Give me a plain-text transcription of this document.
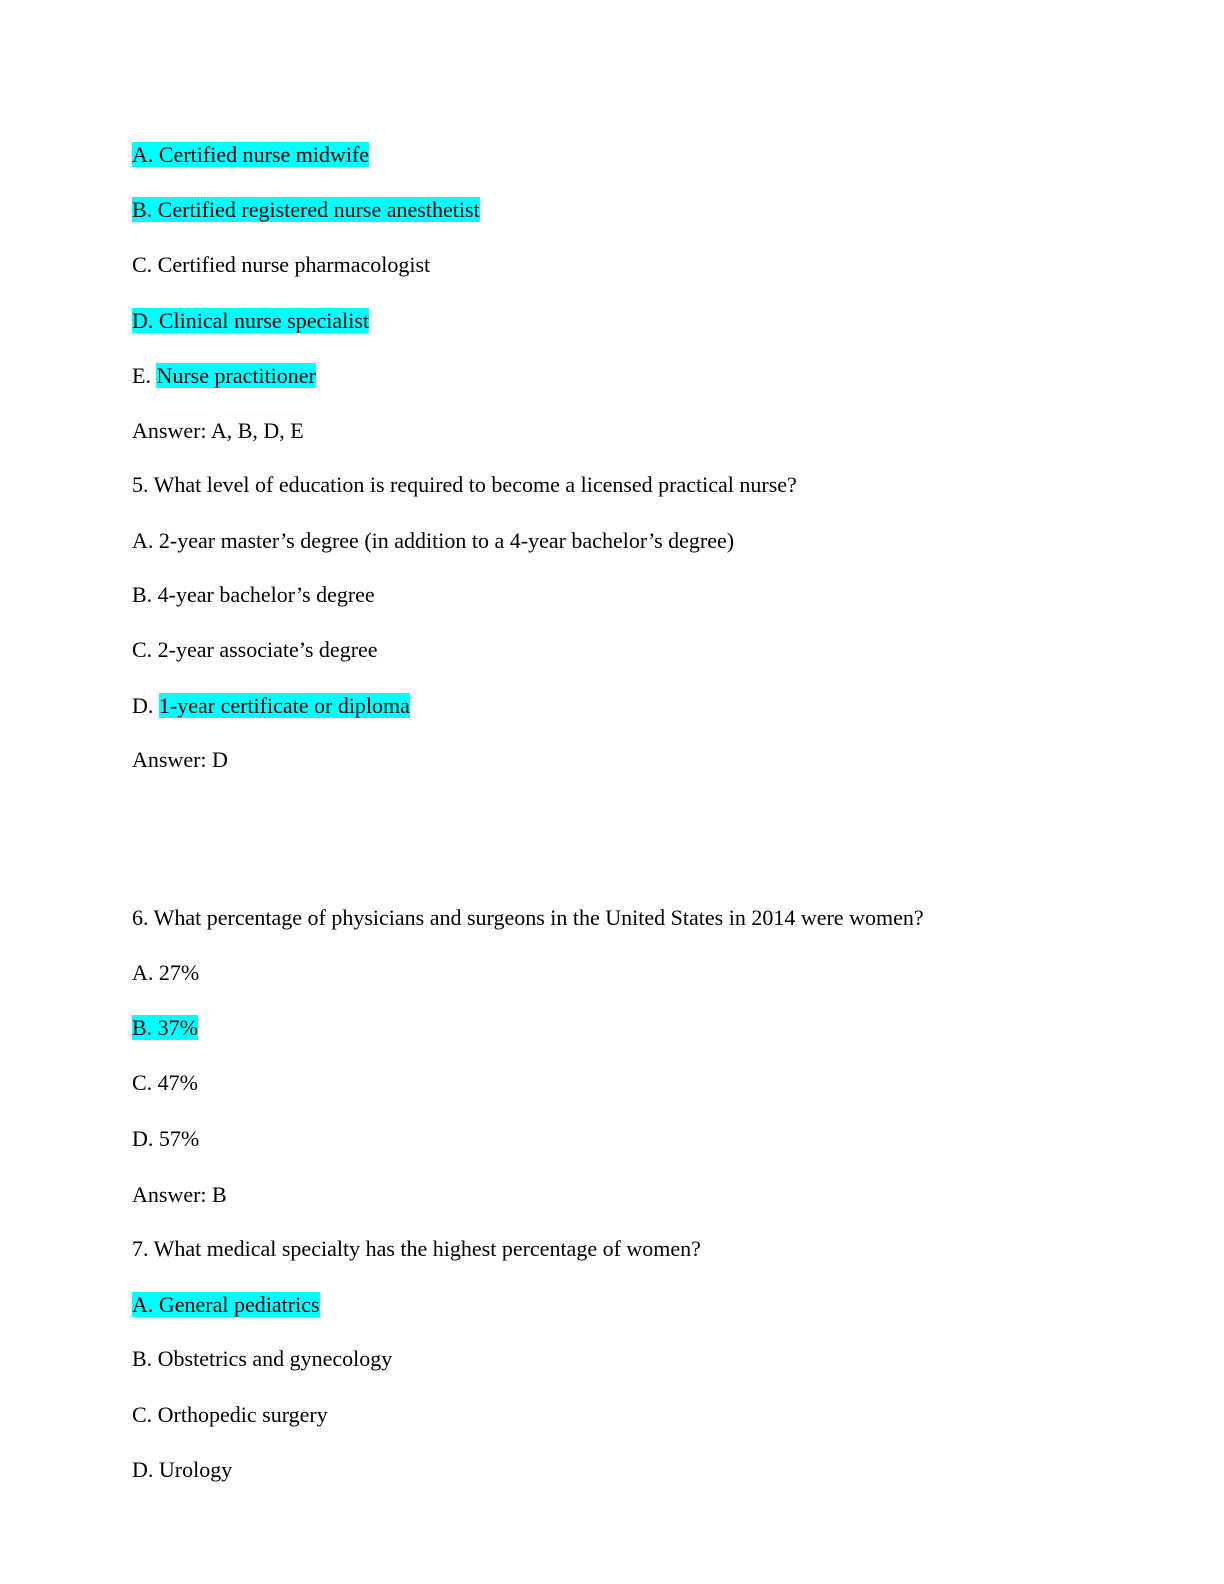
A. Certified nurse midwife
B. Certified registered nurse anesthetist
C. Certified nurse pharmacologist
D. Clinical nurse specialist
E. Nurse practitioner
Answer: A, B, D, E
5. What level of education is required to become a licensed practical nurse?
A. 2-year master’s degree (in addition to a 4-year bachelor’s degree)
B. 4-year bachelor’s degree
C. 2-year associate’s degree
D. 1-year certificate or diploma
Answer: D
6. What percentage of physicians and surgeons in the United States in 2014 were women?
A. 27%
B. 37%
C. 47%
D. 57%
Answer: B
7. What medical specialty has the highest percentage of women?
A. General pediatrics
B. Obstetrics and gynecology
C. Orthopedic surgery
D. Urology
